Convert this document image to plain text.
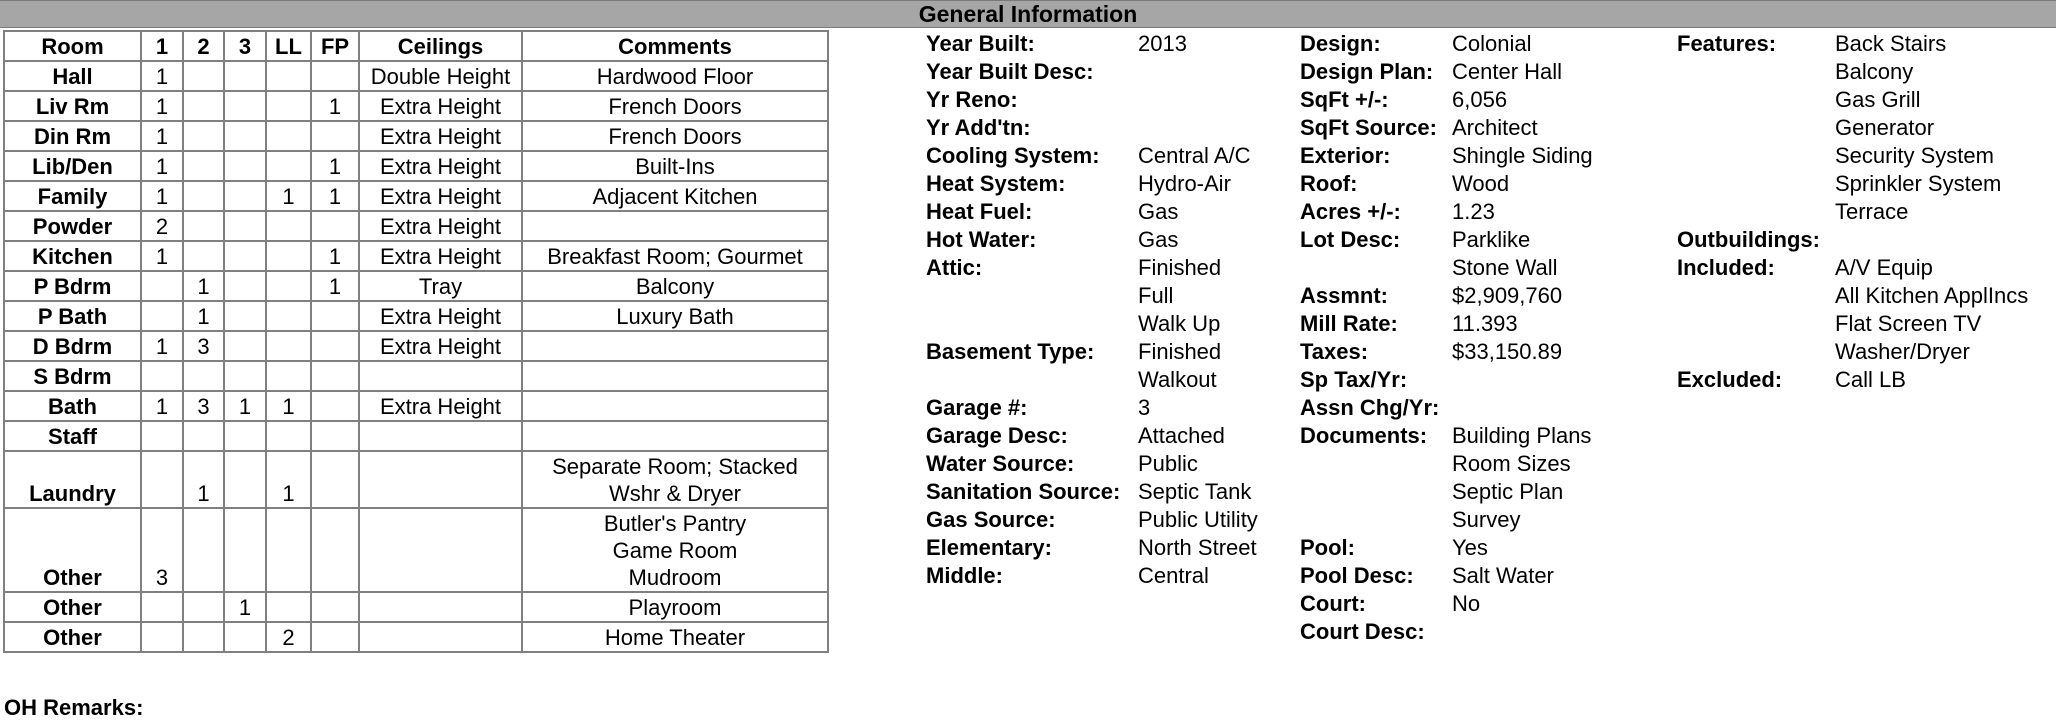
General Information
Room	1	2	3	LL	FP	Ceilings	Comments
Hall	1					Double Height	Hardwood Floor

Liv Rm	1				1	Extra Height	French Doors

Din Rm	1					Extra Height	French Doors

Lib/Den	1				1	Extra Height	Built-Ins

Family	1			1	1	Extra Height	Adjacent Kitchen

Powder	2					Extra Height	

Kitchen	1				1	Extra Height	Breakfast Room; Gourmet

P Bdrm		1			1	Tray	Balcony

P Bath		1				Extra Height	Luxury Bath

D Bdrm	1	3				Extra Height	

S Bdrm							

Bath	1	3	1	1		Extra Height	

Staff							

Laundry		1		1			Separate Room; Stacked
Wshr & Dryer

Other	3						Butler's Pantry
Game Room
Mudroom

Other			1				Playroom

Other				2			Home Theater
Year Built:	2013
Year Built Desc:
Yr Reno:
Yr Add'tn:
Cooling System:	Central A/C
Heat System:	Hydro-Air
Heat Fuel:	Gas
Hot Water:	Gas
Attic:	Finished
Full
Walk Up
Basement Type:	Finished
Walkout
Garage #:	3
Garage Desc:	Attached
Water Source:	Public
Sanitation Source: Septic Tank
Gas Source:	Public Utility
Elementary:	North Street
Middle:	Central
Design:	Colonial
Design Plan: Center Hall
SqFt +/-:	6,056
SqFt Source: Architect
Exterior:	Shingle Siding
Roof:	Wood
Acres +/-:	1.23
Lot Desc:	Parklike
Stone Wall
Assmnt:	$2,909,760
Mill Rate:	11.393
Taxes:	$33,150.89
Sp Tax/Yr:
Assn Chg/Yr:
Documents:	Building Plans
Room Sizes
Septic Plan
Survey
Pool:	Yes
Pool Desc:	Salt Water
Court:	No
Court Desc:
Features:	Back Stairs
Balcony
Gas Grill
Generator
Security System
Sprinkler System
Terrace
Outbuildings:
Included:	A/V Equip
All Kitchen ApplIncs
Flat Screen TV
Washer/Dryer
Excluded:	Call LB
OH Remarks:
